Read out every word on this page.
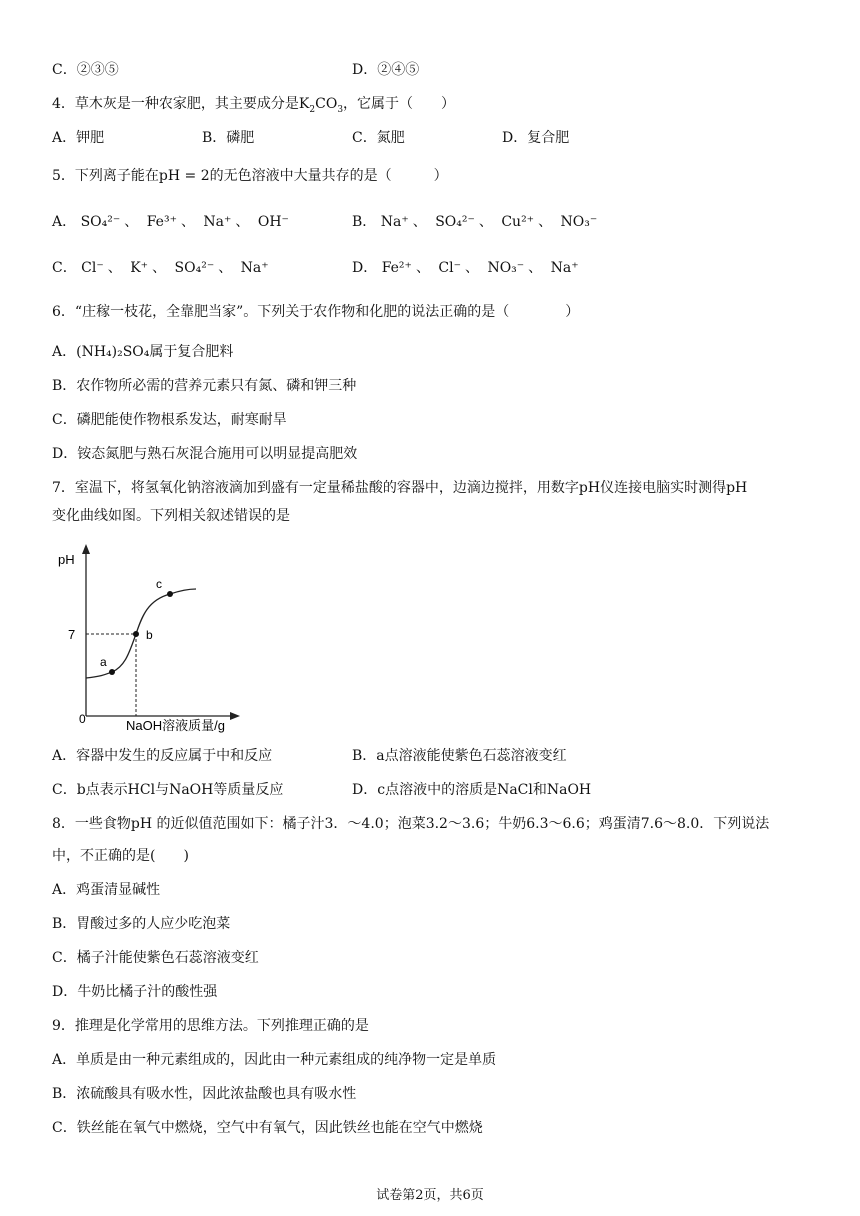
C．②③⑤	D．②④⑤
4．草木灰是一种农家肥，其主要成分是$K_2CO_3$，它属于（　　）
A．钾肥	B．磷肥	C．氮肥	D．复合肥
5．下列离子能在pH = 2的无色溶液中大量共存的是（　　　）
A． SO₄²⁻ 、 Fe³⁺ 、 Na⁺ 、 OH⁻	B． Na⁺ 、 SO₄²⁻ 、 Cu²⁺ 、 NO₃⁻
C． Cl⁻ 、 K⁺ 、 SO₄²⁻ 、 Na⁺	D． Fe²⁺ 、 Cl⁻ 、 NO₃⁻ 、 Na⁺
6．“庄稼一枝花，全靠肥当家”。下列关于农作物和化肥的说法正确的是（　　　　）
A．(NH₄)₂SO₄属于复合肥料
B．农作物所必需的营养元素只有氮、磷和钾三种
C．磷肥能使作物根系发达，耐寒耐旱
D．铵态氮肥与熟石灰混合施用可以明显提高肥效
7．室温下，将氢氧化钠溶液滴加到盛有一定量稀盐酸的容器中，边滴边搅拌，用数字pH仪连接电脑实时测得pH
变化曲线如图。下列相关叙述错误的是
pH
7
0	NaOH溶液质量/g
a
b
c
A．容器中发生的反应属于中和反应	B．a点溶液能使紫色石蕊溶液变红
C．b点表示HCl与NaOH等质量反应	D．c点溶液中的溶质是NaCl和NaOH
8．一些食物pH 的近似值范围如下：橘子汁3．～4.0；泡菜3.2～3.6；牛奶6.3～6.6；鸡蛋清7.6～8.0．下列说法
中，不正确的是(　　)
A．鸡蛋清显碱性
B．胃酸过多的人应少吃泡菜
C．橘子汁能使紫色石蕊溶液变红
D．牛奶比橘子汁的酸性强
9．推理是化学常用的思维方法。下列推理正确的是
A．单质是由一种元素组成的，因此由一种元素组成的纯净物一定是单质
B．浓硫酸具有吸水性，因此浓盐酸也具有吸水性
C．铁丝能在氧气中燃烧，空气中有氧气，因此铁丝也能在空气中燃烧
试卷第2页，共6页
